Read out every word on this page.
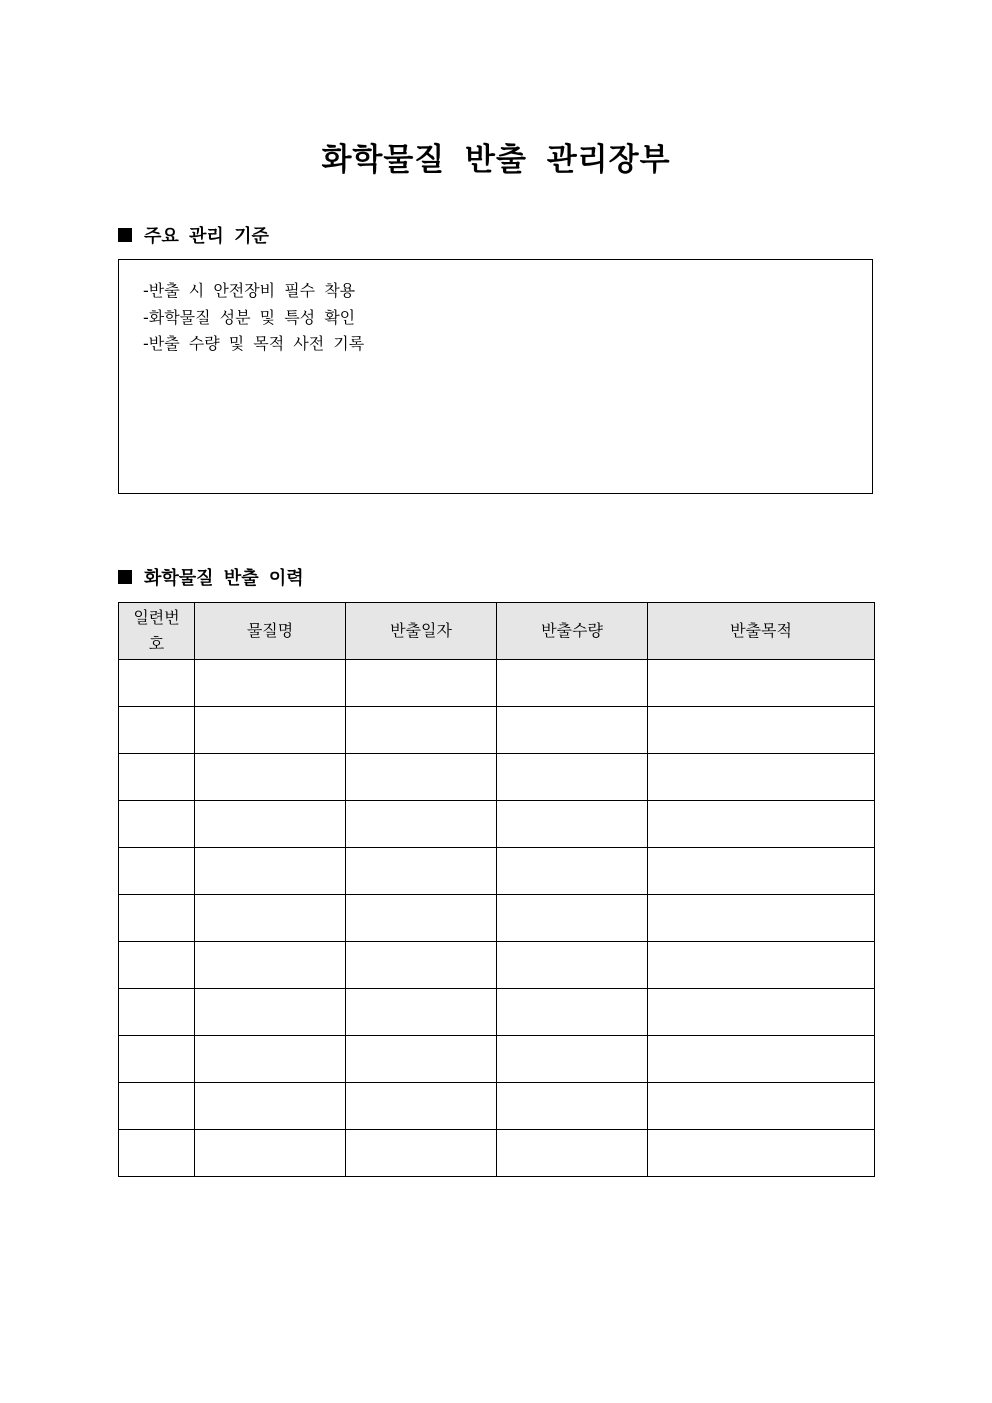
화학물질 반출 관리장부
주요 관리 기준
-반출 시 안전장비 필수 착용
-화학물질 성분 및 특성 확인
-반출 수량 및 목적 사전 기록
화학물질 반출 이력
일련번호	물질명	반출일자	반출수량	반출목적
